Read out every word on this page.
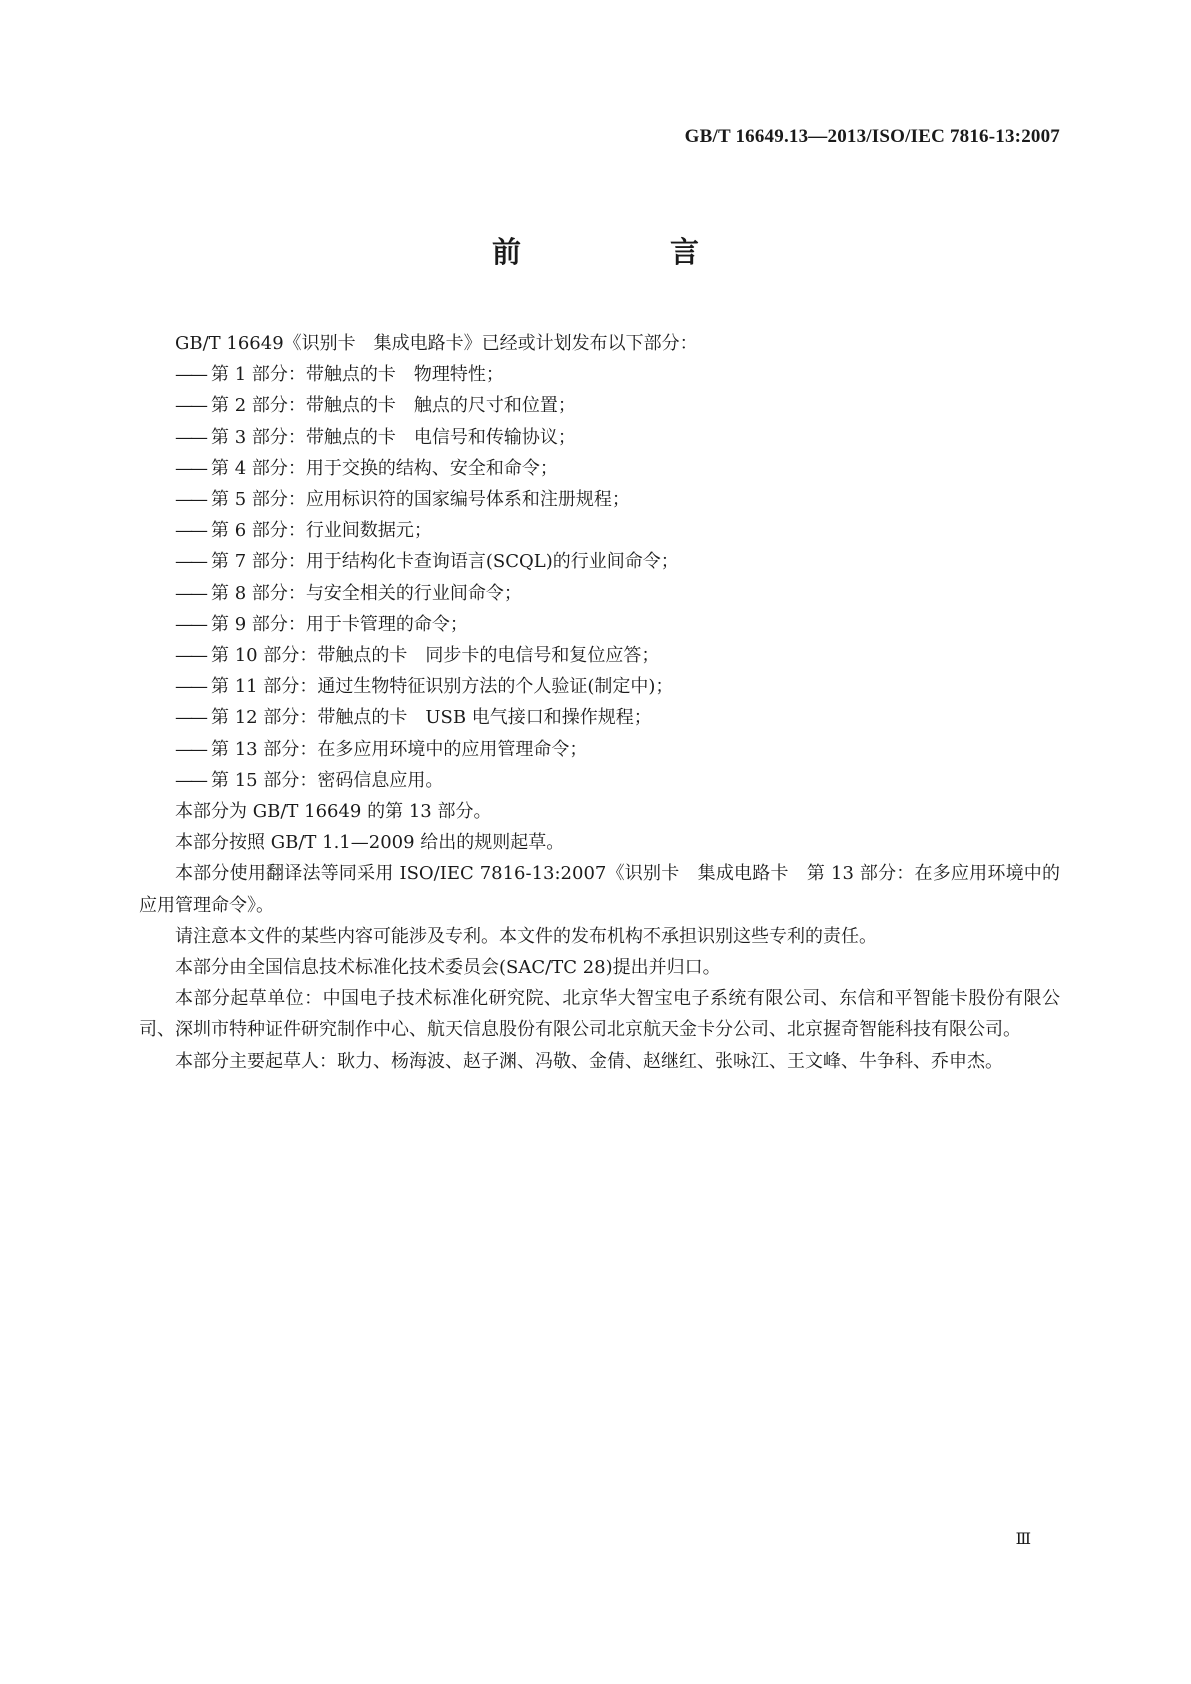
GB/T 16649.13—2013/ISO/IEC 7816-13:2007
前　言

GB/T 16649《识别卡　集成电路卡》已经或计划发布以下部分：

—— 第 1 部分：带触点的卡　物理特性；

—— 第 2 部分：带触点的卡　触点的尺寸和位置；

—— 第 3 部分：带触点的卡　电信号和传输协议；

—— 第 4 部分：用于交换的结构、安全和命令；

—— 第 5 部分：应用标识符的国家编号体系和注册规程；

—— 第 6 部分：行业间数据元；

—— 第 7 部分：用于结构化卡查询语言(SCQL)的行业间命令；

—— 第 8 部分：与安全相关的行业间命令；

—— 第 9 部分：用于卡管理的命令；

—— 第 10 部分：带触点的卡　同步卡的电信号和复位应答；

—— 第 11 部分：通过生物特征识别方法的个人验证(制定中)；

—— 第 12 部分：带触点的卡　USB 电气接口和操作规程；

—— 第 13 部分：在多应用环境中的应用管理命令；

—— 第 15 部分：密码信息应用。

本部分为 GB/T 16649 的第 13 部分。

本部分按照 GB/T 1.1—2009 给出的规则起草。

本部分使用翻译法等同采用 ISO/IEC 7816-13:2007《识别卡　集成电路卡　第 13 部分：在多应用环境中的应用管理命令》。

请注意本文件的某些内容可能涉及专利。本文件的发布机构不承担识别这些专利的责任。

本部分由全国信息技术标准化技术委员会(SAC/TC 28)提出并归口。

本部分起草单位：中国电子技术标准化研究院、北京华大智宝电子系统有限公司、东信和平智能卡股份有限公司、深圳市特种证件研究制作中心、航天信息股份有限公司北京航天金卡分公司、北京握奇智能科技有限公司。

本部分主要起草人：耿力、杨海波、赵子渊、冯敬、金倩、赵继红、张咏江、王文峰、牛争科、乔申杰。

Ⅲ
